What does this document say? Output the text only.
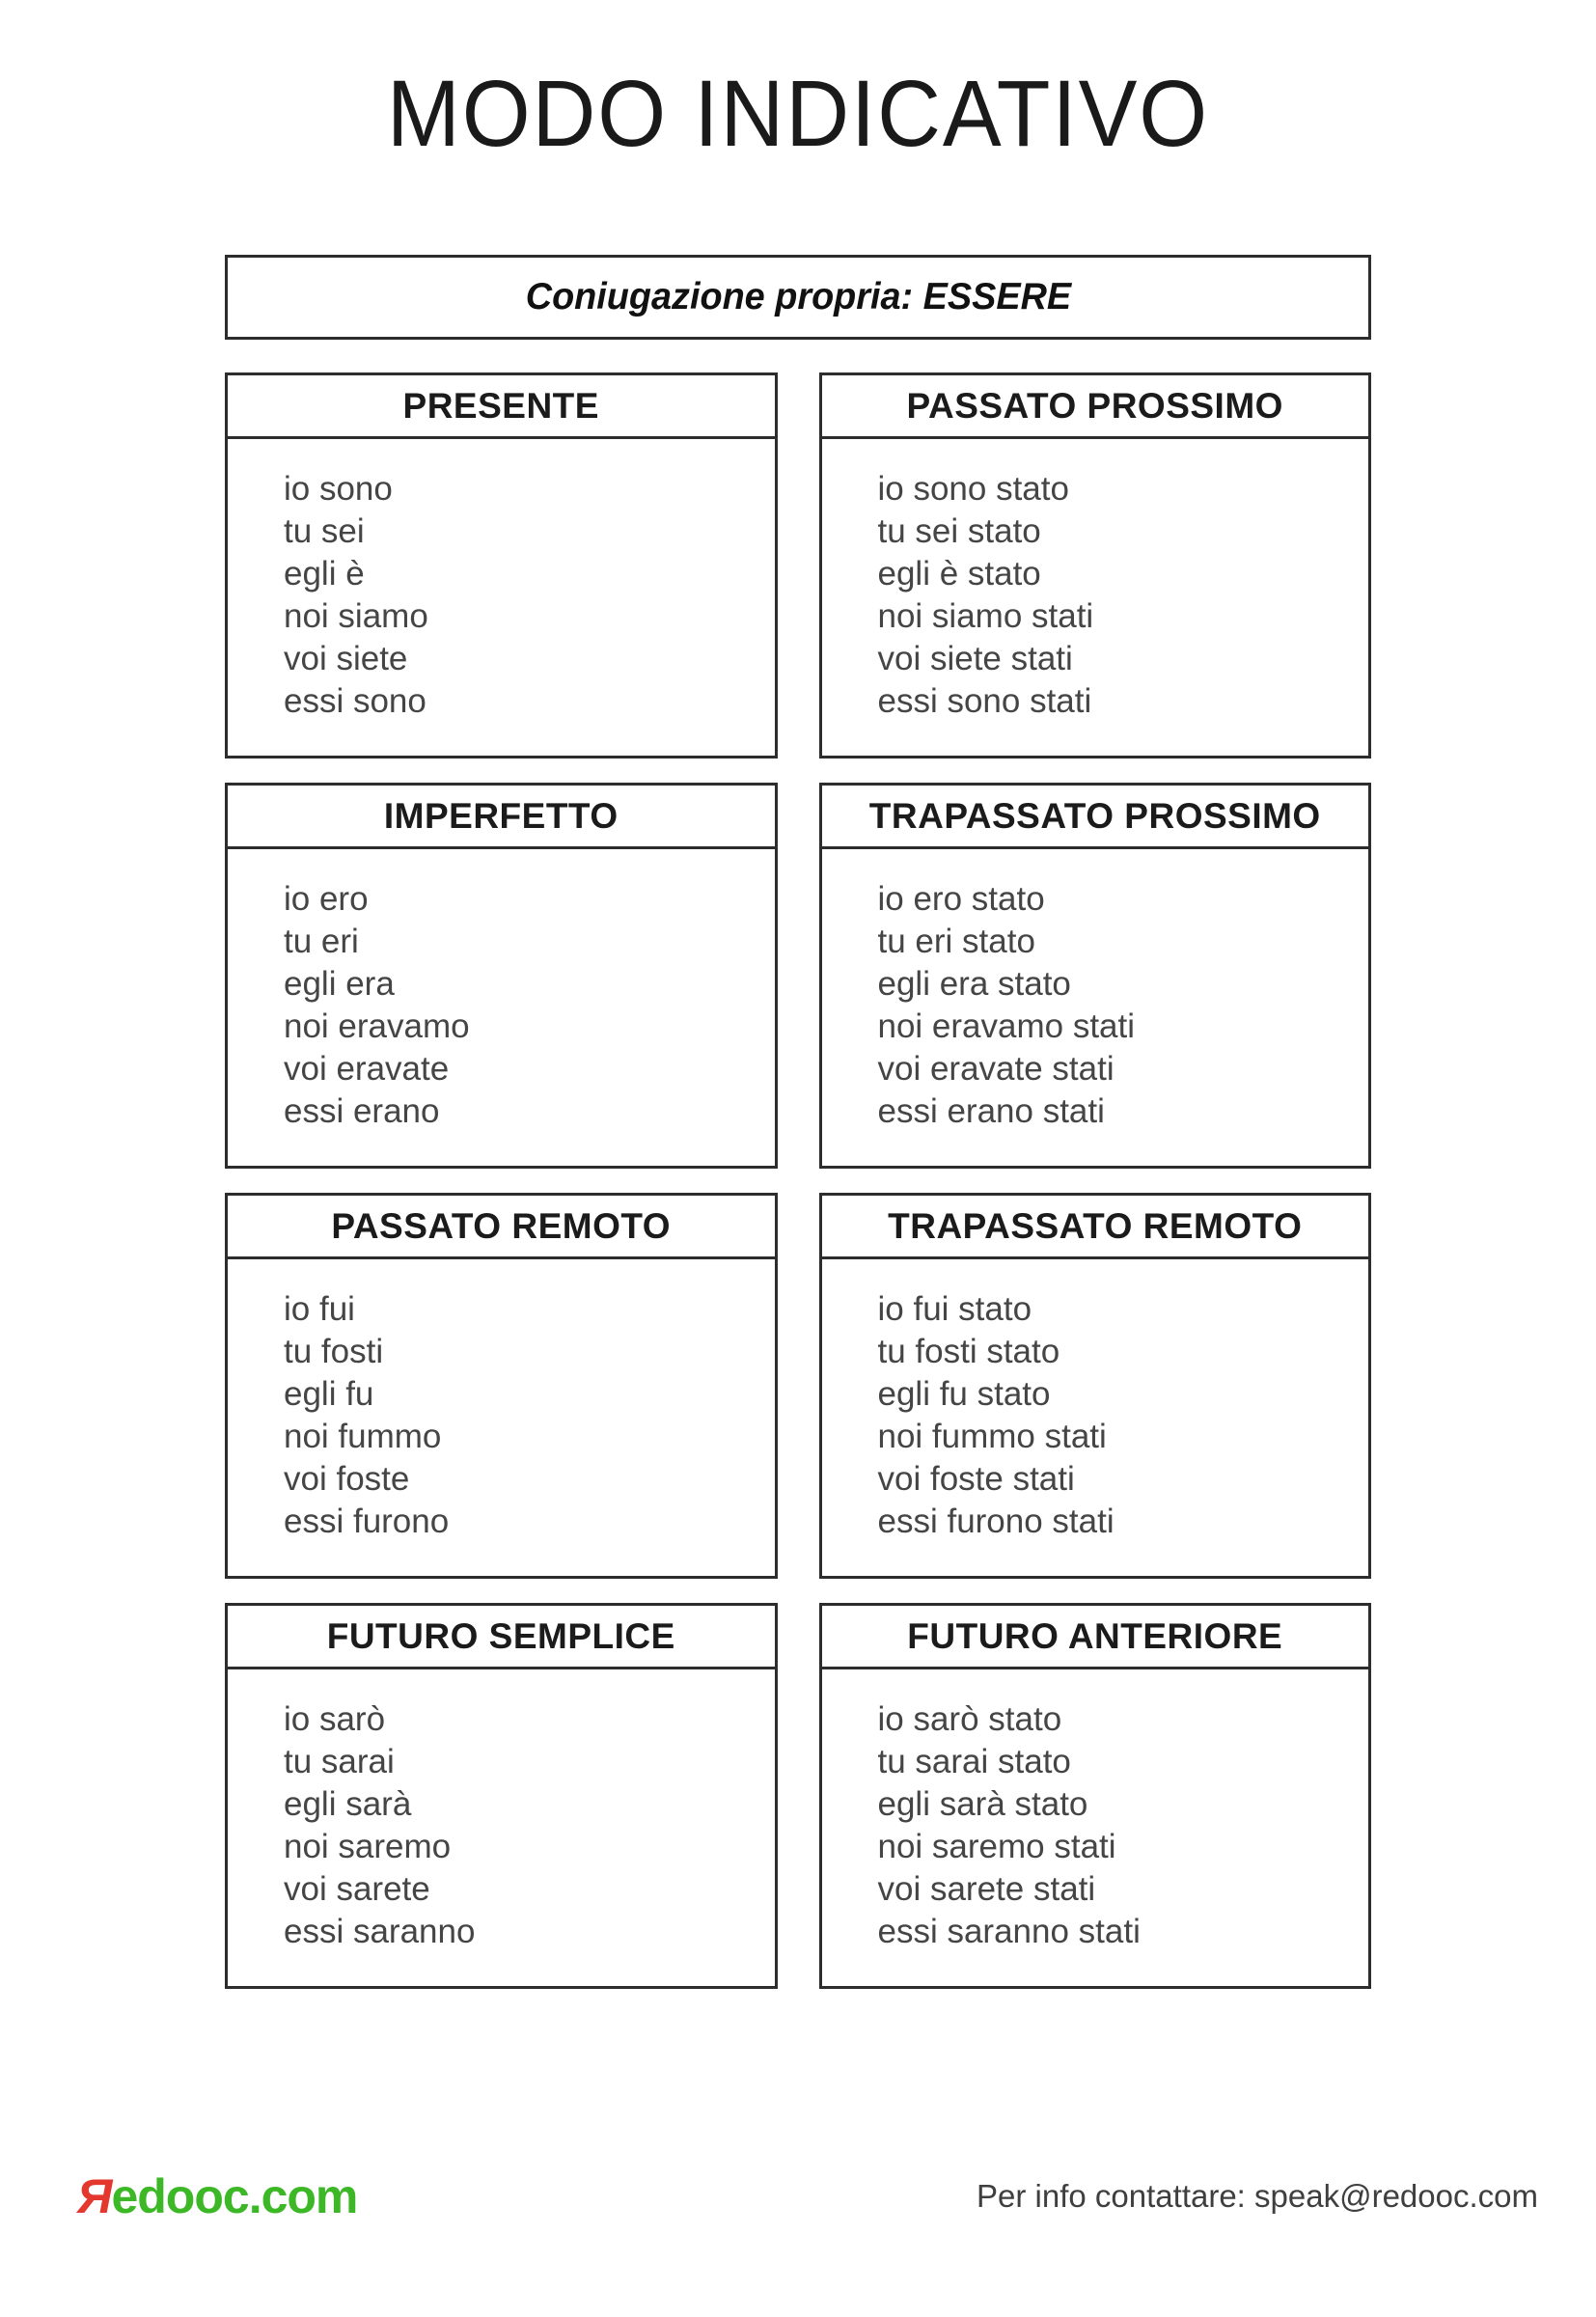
MODO INDICATIVO
Coniugazione propria: ESSERE
PRESENTE
io sono
tu sei
egli è
noi siamo
voi siete
essi sono
PASSATO PROSSIMO
io sono stato
tu sei stato
egli è stato
noi siamo stati
voi siete stati
essi sono stati
IMPERFETTO
io ero
tu eri
egli era
noi eravamo
voi eravate
essi erano
TRAPASSATO PROSSIMO
io ero stato
tu eri stato
egli era stato
noi eravamo stati
voi eravate stati
essi erano stati
PASSATO REMOTO
io fui
tu fosti
egli fu
noi fummo
voi foste
essi furono
TRAPASSATO REMOTO
io fui stato
tu fosti stato
egli fu stato
noi fummo stati
voi foste stati
essi furono stati
FUTURO SEMPLICE
io sarò
tu sarai
egli sarà
noi saremo
voi sarete
essi saranno
FUTURO ANTERIORE
io sarò stato
tu sarai stato
egli sarà stato
noi saremo stati
voi sarete stati
essi saranno stati
Яedooc.com	Per info contattare: speak@redooc.com
